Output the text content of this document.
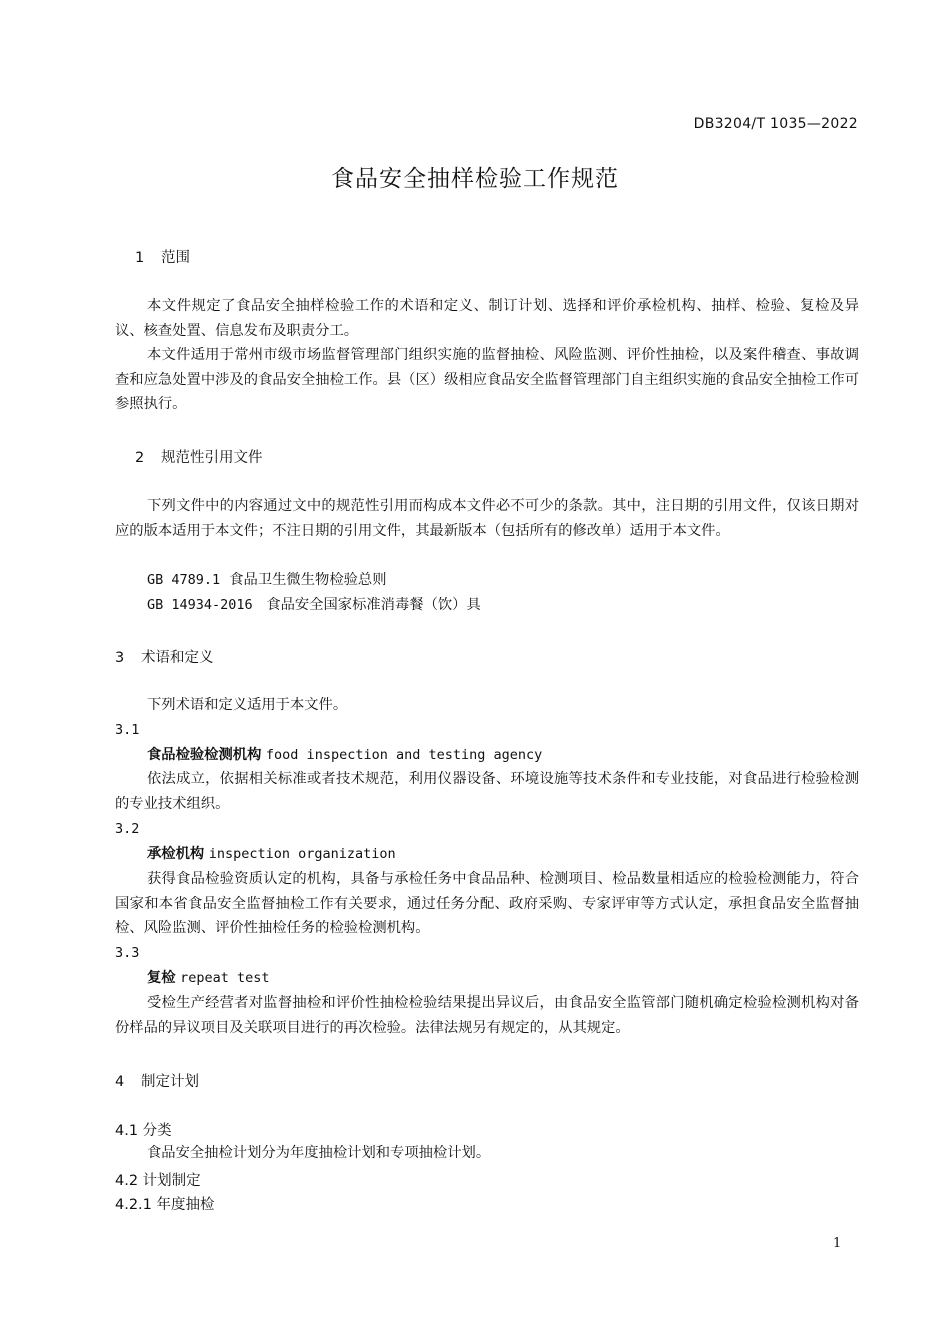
DB3204/T 1035—2022
食品安全抽样检验工作规范
1 范围
本文件规定了食品安全抽样检验工作的术语和定义、制订计划、选择和评价承检机构、抽样、检验、复检及异议、核查处置、信息发布及职责分工。
本文件适用于常州市级市场监督管理部门组织实施的监督抽检、风险监测、评价性抽检，以及案件稽查、事故调查和应急处置中涉及的食品安全抽检工作。县（区）级相应食品安全监督管理部门自主组织实施的食品安全抽检工作可参照执行。
2 规范性引用文件
下列文件中的内容通过文中的规范性引用而构成本文件必不可少的条款。其中，注日期的引用文件，仅该日期对应的版本适用于本文件；不注日期的引用文件，其最新版本（包括所有的修改单）适用于本文件。
GB 4789.1 食品卫生微生物检验总则
GB 14934-2016 食品安全国家标准消毒餐（饮）具
3 术语和定义
下列术语和定义适用于本文件。
3.1
食品检验检测机构 food inspection and testing agency
依法成立，依据相关标准或者技术规范，利用仪器设备、环境设施等技术条件和专业技能，对食品进行检验检测的专业技术组织。
3.2
承检机构 inspection organization
获得食品检验资质认定的机构，具备与承检任务中食品品种、检测项目、检品数量相适应的检验检测能力，符合国家和本省食品安全监督抽检工作有关要求，通过任务分配、政府采购、专家评审等方式认定，承担食品安全监督抽检、风险监测、评价性抽检任务的检验检测机构。
3.3
复检 repeat test
受检生产经营者对监督抽检和评价性抽检检验结果提出异议后，由食品安全监管部门随机确定检验检测机构对备份样品的异议项目及关联项目进行的再次检验。法律法规另有规定的，从其规定。
4 制定计划
4.1 分类
食品安全抽检计划分为年度抽检计划和专项抽检计划。
4.2 计划制定
4.2.1 年度抽检
1
